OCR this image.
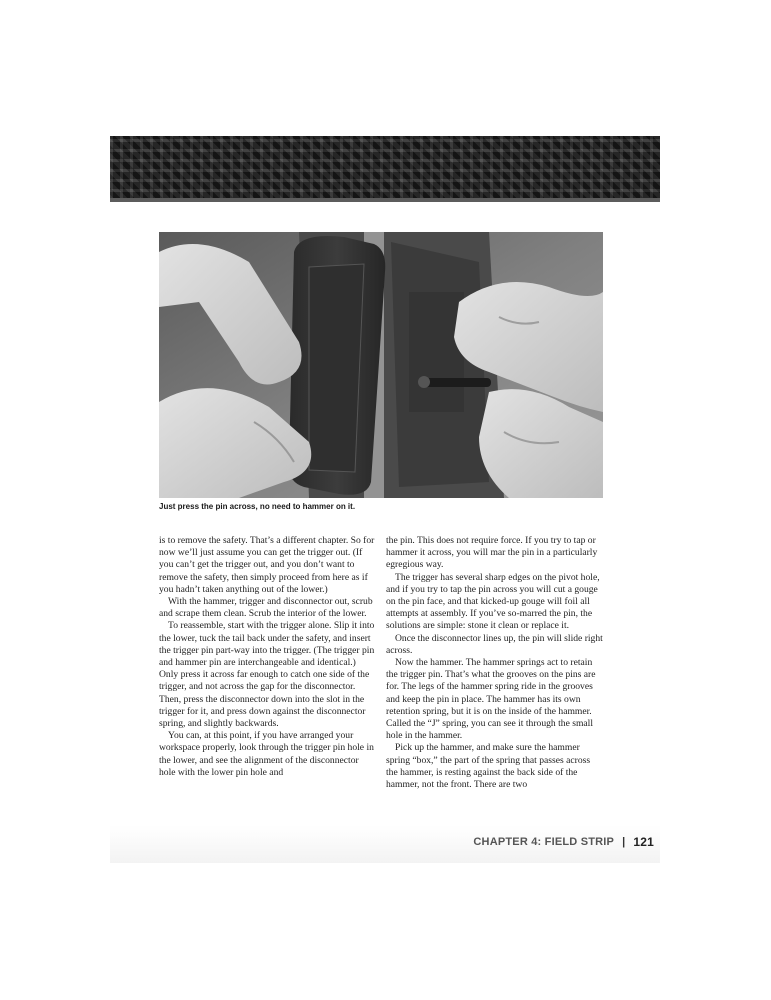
Just press the pin across, no need to hammer on it.

is to remove the safety. That’s a different chapter. So for now we’ll just assume you can get the trigger out. (If you can’t get the trigger out, and you don’t want to remove the safety, then simply proceed from here as if you hadn’t taken anything out of the lower.)

With the hammer, trigger and disconnector out, scrub and scrape them clean. Scrub the interior of the lower.

To reassemble, start with the trigger alone. Slip it into the lower, tuck the tail back under the safety, and insert the trigger pin part-way into the trigger. (The trigger pin and hammer pin are interchangeable and identical.) Only press it across far enough to catch one side of the trigger, and not across the gap for the disconnector. Then, press the disconnector down into the slot in the trigger for it, and press down against the disconnector spring, and slightly backwards.

You can, at this point, if you have arranged your workspace properly, look through the trigger pin hole in the lower, and see the alignment of the disconnector hole with the lower pin hole and

the pin. This does not require force. If you try to tap or hammer it across, you will mar the pin in a particularly egregious way.

The trigger has several sharp edges on the pivot hole, and if you try to tap the pin across you will cut a gouge on the pin face, and that kicked-up gouge will foil all attempts at assembly. If you’ve so-marred the pin, the solutions are simple: stone it clean or replace it.

Once the disconnector lines up, the pin will slide right across.

Now the hammer. The hammer springs act to retain the trigger pin. That’s what the grooves on the pins are for. The legs of the hammer spring ride in the grooves and keep the pin in place. The hammer has its own retention spring, but it is on the inside of the hammer. Called the “J” spring, you can see it through the small hole in the hammer.

Pick up the hammer, and make sure the hammer spring “box,” the part of the spring that passes across the hammer, is resting against the back side of the hammer, not the front. There are two

CHAPTER 4: FIELD STRIP | 121
